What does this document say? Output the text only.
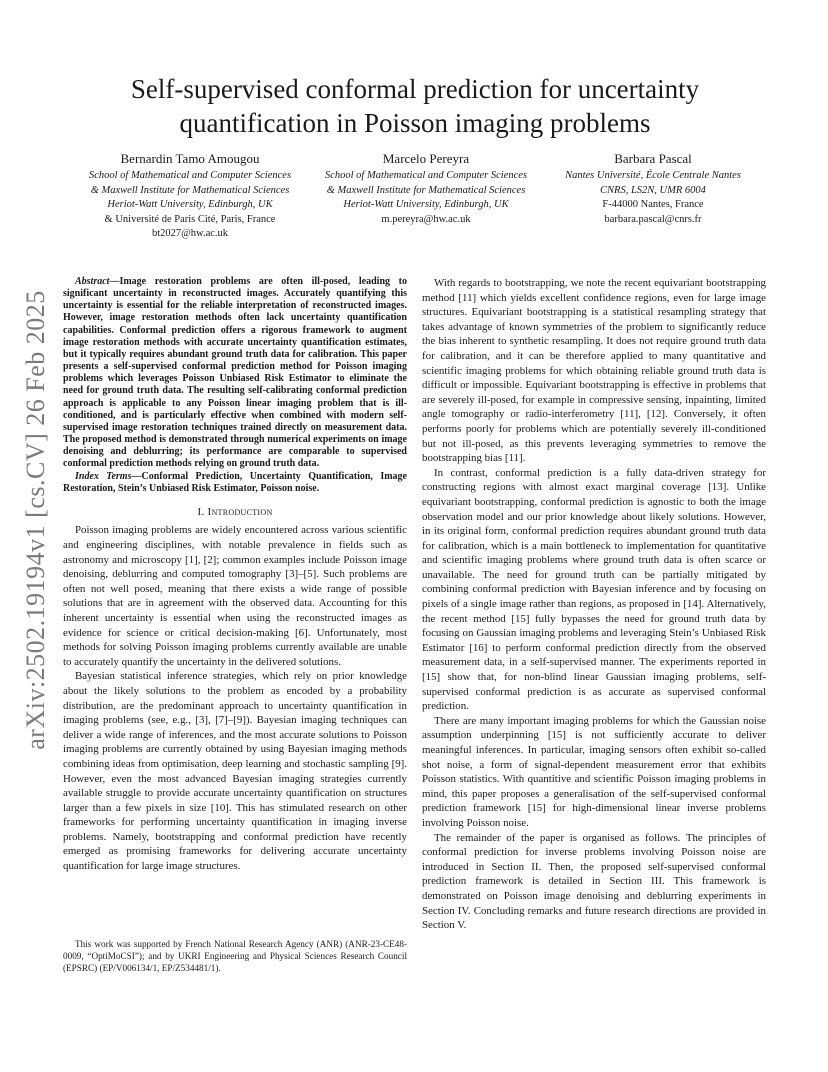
arXiv:2502.19194v1 [cs.CV] 26 Feb 2025
Self-supervised conformal prediction for uncertainty quantification in Poisson imaging problems
Bernardin Tamo Amougou
School of Mathematical and Computer Sciences
& Maxwell Institute for Mathematical Sciences
Heriot-Watt University, Edinburgh, UK
& Université de Paris Cité, Paris, France
bt2027@hw.ac.uk
Marcelo Pereyra
School of Mathematical and Computer Sciences
& Maxwell Institute for Mathematical Sciences
Heriot-Watt University, Edinburgh, UK
m.pereyra@hw.ac.uk
Barbara Pascal
Nantes Université, École Centrale Nantes
CNRS, LS2N, UMR 6004
F-44000 Nantes, France
barbara.pascal@cnrs.fr

Abstract—Image restoration problems are often ill-posed, leading to significant uncertainty in reconstructed images. Accurately quantifying this uncertainty is essential for the reliable interpretation of reconstructed images. However, image restoration methods often lack uncertainty quantification capabilities. Conformal prediction offers a rigorous framework to augment image restoration methods with accurate uncertainty quantification estimates, but it typically requires abundant ground truth data for calibration. This paper presents a self-supervised conformal prediction method for Poisson imaging problems which leverages Poisson Unbiased Risk Estimator to eliminate the need for ground truth data. The resulting self-calibrating conformal prediction approach is applicable to any Poisson linear imaging problem that is ill-conditioned, and is particularly effective when combined with modern self-supervised image restoration techniques trained directly on measurement data. The proposed method is demonstrated through numerical experiments on image denoising and deblurring; its performance are comparable to supervised conformal prediction methods relying on ground truth data.

Index Terms—Conformal Prediction, Uncertainty Quantification, Image Restoration, Stein’s Unbiased Risk Estimator, Poisson noise.

I. Introduction

Poisson imaging problems are widely encountered across various scientific and engineering disciplines, with notable prevalence in fields such as astronomy and microscopy [1], [2]; common examples include Poisson image denoising, deblurring and computed tomography [3]–[5]. Such problems are often not well posed, meaning that there exists a wide range of possible solutions that are in agreement with the observed data. Accounting for this inherent uncertainty is essential when using the reconstructed images as evidence for science or critical decision-making [6]. Unfortunately, most methods for solving Poisson imaging problems currently available are unable to accurately quantify the uncertainty in the delivered solutions.

Bayesian statistical inference strategies, which rely on prior knowledge about the likely solutions to the problem as encoded by a probability distribution, are the predominant approach to uncertainty quantification in imaging problems (see, e.g., [3], [7]–[9]). Bayesian imaging techniques can deliver a wide range of inferences, and the most accurate solutions to Poisson imaging problems are currently obtained by using Bayesian imaging methods combining ideas from optimisation, deep learning and stochastic sampling [9]. However, even the most advanced Bayesian imaging strategies currently available struggle to provide accurate uncertainty quantification on structures larger than a few pixels in size [10]. This has stimulated research on other frameworks for performing uncertainty quantification in imaging inverse problems. Namely, bootstrapping and conformal prediction have recently emerged as promising frameworks for delivering accurate uncertainty quantification for large image structures.

This work was supported by French National Research Agency (ANR) (ANR-23-CE48-0009, “OptiMoCSI”); and by UKRI Engineering and Physical Sciences Research Council (EPSRC) (EP/V006134/1, EP/Z534481/1).

With regards to bootstrapping, we note the recent equivariant bootstrapping method [11] which yields excellent confidence regions, even for large image structures. Equivariant bootstrapping is a statistical resampling strategy that takes advantage of known symmetries of the problem to significantly reduce the bias inherent to synthetic resampling. It does not require ground truth data for calibration, and it can be therefore applied to many quantitative and scientific imaging problems for which obtaining reliable ground truth data is difficult or impossible. Equivariant bootstrapping is effective in problems that are severely ill-posed, for example in compressive sensing, inpainting, limited angle tomography or radio-interferometry [11], [12]. Conversely, it often performs poorly for problems which are potentially severely ill-conditioned but not ill-posed, as this prevents leveraging symmetries to remove the bootstrapping bias [11].

In contrast, conformal prediction is a fully data-driven strategy for constructing regions with almost exact marginal coverage [13]. Unlike equivariant bootstrapping, conformal prediction is agnostic to both the image observation model and our prior knowledge about likely solutions. However, in its original form, conformal prediction requires abundant ground truth data for calibration, which is a main bottleneck to implementation for quantitative and scientific imaging problems where ground truth data is often scarce or unavailable. The need for ground truth can be partially mitigated by combining conformal prediction with Bayesian inference and by focusing on pixels of a single image rather than regions, as proposed in [14]. Alternatively, the recent method [15] fully bypasses the need for ground truth data by focusing on Gaussian imaging problems and leveraging Stein’s Unbiased Risk Estimator [16] to perform conformal prediction directly from the observed measurement data, in a self-supervised manner. The experiments reported in [15] show that, for non-blind linear Gaussian imaging problems, self-supervised conformal prediction is as accurate as supervised conformal prediction.

There are many important imaging problems for which the Gaussian noise assumption underpinning [15] is not sufficiently accurate to deliver meaningful inferences. In particular, imaging sensors often exhibit so-called shot noise, a form of signal-dependent measurement error that exhibits Poisson statistics. With quantitive and scientific Poisson imaging problems in mind, this paper proposes a generalisation of the self-supervised conformal prediction framework [15] for high-dimensional linear inverse problems involving Poisson noise.

The remainder of the paper is organised as follows. The principles of conformal prediction for inverse problems involving Poisson noise are introduced in Section II. Then, the proposed self-supervised conformal prediction framework is detailed in Section III. This framework is demonstrated on Poisson image denoising and deblurring experiments in Section IV. Concluding remarks and future research directions are provided in Section V.
